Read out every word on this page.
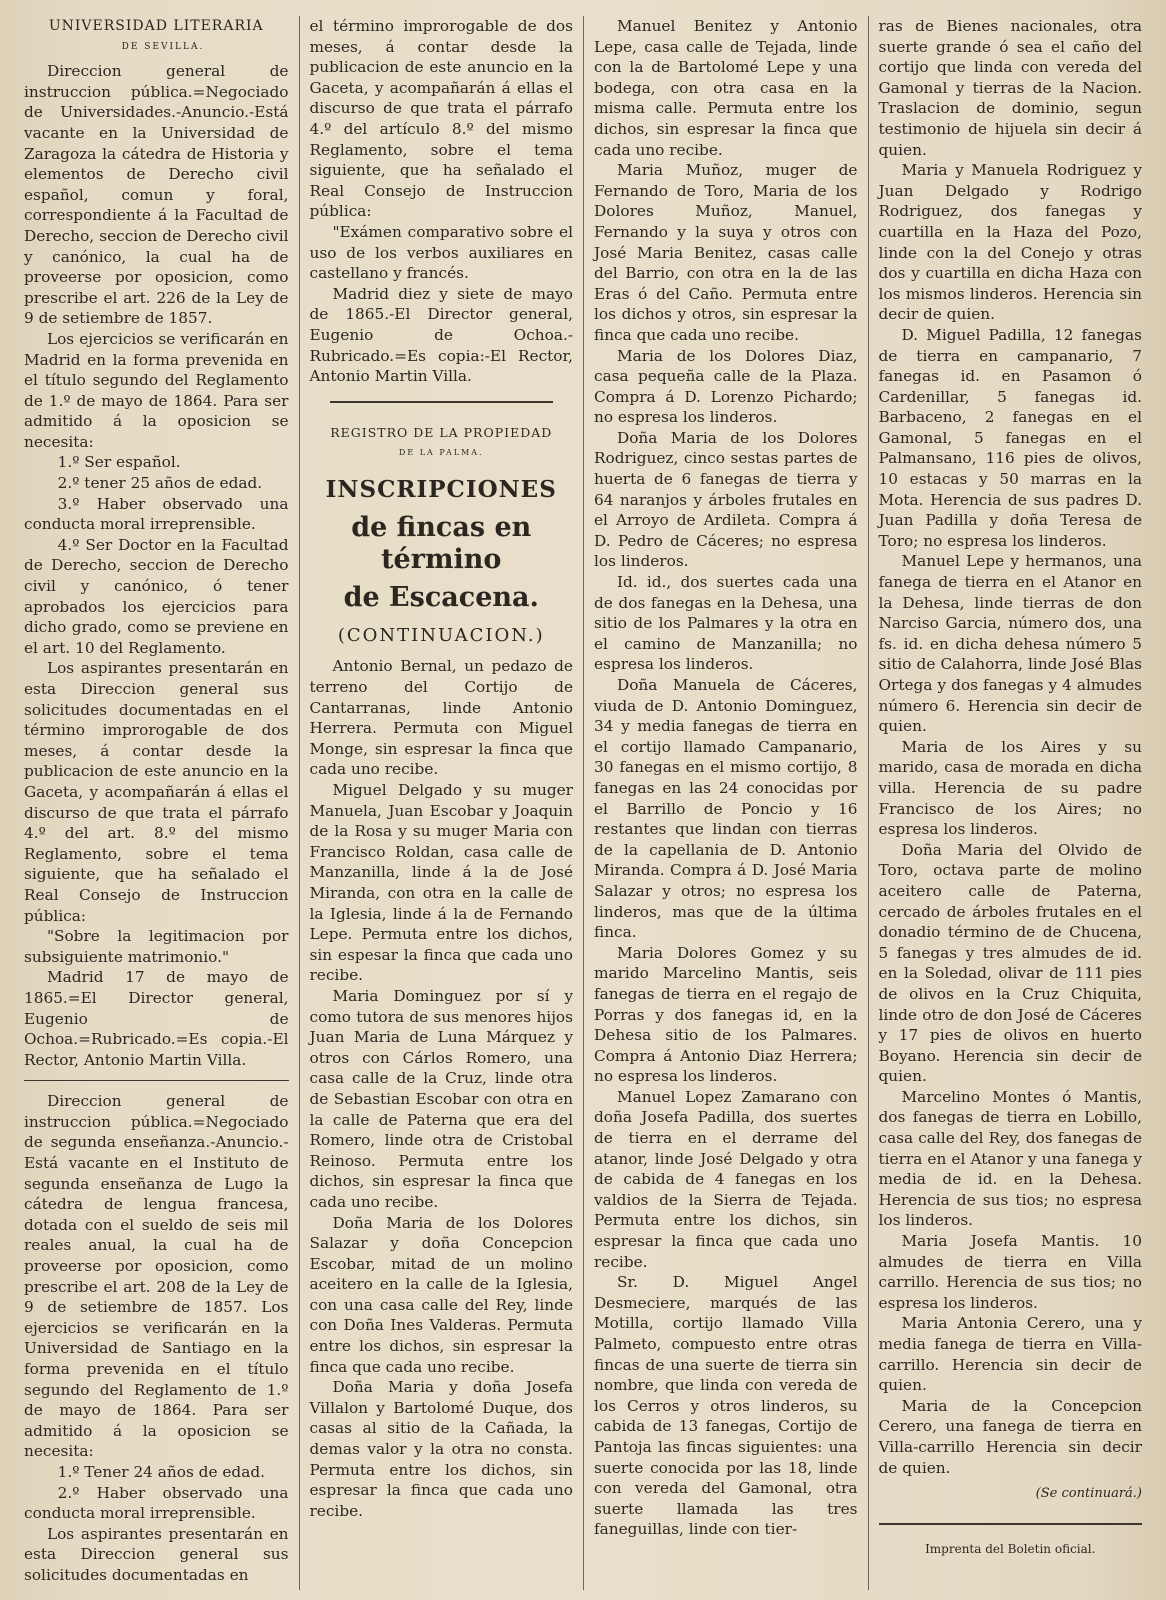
UNIVERSIDAD LITERARIA

DE SEVILLA.

Direccion general de instruccion pública.=Negociado de Universidades.-Anuncio.-Está vacante en la Universidad de Zaragoza la cátedra de Historia y elementos de Derecho civil español, comun y foral, correspondiente á la Facultad de Derecho, seccion de Derecho civil y canónico, la cual ha de proveerse por oposicion, como prescribe el art. 226 de la Ley de 9 de setiembre de 1857.

Los ejercicios se verificarán en Madrid en la forma prevenida en el título segundo del Reglamento de 1.º de mayo de 1864. Para ser admitido á la oposicion se necesita:

1.º Ser español.

2.º tener 25 años de edad.

3.º Haber observado una conducta moral irreprensible.

4.º Ser Doctor en la Facultad de Derecho, seccion de Derecho civil y canónico, ó tener aprobados los ejercicios para dicho grado, como se previene en el art. 10 del Reglamento.

Los aspirantes presentarán en esta Direccion general sus solicitudes documentadas en el término improrogable de dos meses, á contar desde la publicacion de este anuncio en la Gaceta, y acompañarán á ellas el discurso de que trata el párrafo 4.º del art. 8.º del mismo Reglamento, sobre el tema siguiente, que ha señalado el Real Consejo de Instruccion pública:

"Sobre la legitimacion por subsiguiente matrimonio."

Madrid 17 de mayo de 1865.=El Director general, Eugenio de Ochoa.=Rubricado.=Es copia.-El Rector, Antonio Martin Villa.

Direccion general de instruccion pública.=Negociado de segunda enseñanza.-Anuncio.-Está vacante en el Instituto de segunda enseñanza de Lugo la cátedra de lengua francesa, dotada con el sueldo de seis mil reales anual, la cual ha de proveerse por oposicion, como prescribe el art. 208 de la Ley de 9 de setiembre de 1857. Los ejercicios se verificarán en la Universidad de Santiago en la forma prevenida en el título segundo del Reglamento de 1.º de mayo de 1864. Para ser admitido á la oposicion se necesita:

1.º Tener 24 años de edad.

2.º Haber observado una conducta moral irreprensible.

Los aspirantes presentarán en esta Direccion general sus solicitudes documentadas en

el término improrogable de dos meses, á contar desde la publicacion de este anuncio en la Gaceta, y acompañarán á ellas el discurso de que trata el párrafo 4.º del artículo 8.º del mismo Reglamento, sobre el tema siguiente, que ha señalado el Real Consejo de Instruccion pública:

"Exámen comparativo sobre el uso de los verbos auxiliares en castellano y francés.

Madrid diez y siete de mayo de 1865.-El Director general, Eugenio de Ochoa.-Rubricado.=Es copia:-El Rector, Antonio Martin Villa.

REGISTRO DE LA PROPIEDAD

DE LA PALMA.

INSCRIPCIONES

de fincas en término

de Escacena.

(CONTINUACION.)

Antonio Bernal, un pedazo de terreno del Cortijo de Cantarranas, linde Antonio Herrera. Permuta con Miguel Monge, sin espresar la finca que cada uno recibe.

Miguel Delgado y su muger Manuela, Juan Escobar y Joaquin de la Rosa y su muger Maria con Francisco Roldan, casa calle de Manzanilla, linde á la de José Miranda, con otra en la calle de la Iglesia, linde á la de Fernando Lepe. Permuta entre los dichos, sin espesar la finca que cada uno recibe.

Maria Dominguez por sí y como tutora de sus menores hijos Juan Maria de Luna Márquez y otros con Cárlos Romero, una casa calle de la Cruz, linde otra de Sebastian Escobar con otra en la calle de Paterna que era del Romero, linde otra de Cristobal Reinoso. Permuta entre los dichos, sin espresar la finca que cada uno recibe.

Doña Maria de los Dolores Salazar y doña Concepcion Escobar, mitad de un molino aceitero en la calle de la Iglesia, con una casa calle del Rey, linde con Doña Ines Valderas. Permuta entre los dichos, sin espresar la finca que cada uno recibe.

Doña Maria y doña Josefa Villalon y Bartolomé Duque, dos casas al sitio de la Cañada, la demas valor y la otra no consta. Permuta entre los dichos, sin espresar la finca que cada uno recibe.

Manuel Benitez y Antonio Lepe, casa calle de Tejada, linde con la de Bartolomé Lepe y una bodega, con otra casa en la misma calle. Permuta entre los dichos, sin espresar la finca que cada uno recibe.

Maria Muñoz, muger de Fernando de Toro, Maria de los Dolores Muñoz, Manuel, Fernando y la suya y otros con José Maria Benitez, casas calle del Barrio, con otra en la de las Eras ó del Caño. Permuta entre los dichos y otros, sin espresar la finca que cada uno recibe.

Maria de los Dolores Diaz, casa pequeña calle de la Plaza. Compra á D. Lorenzo Pichardo; no espresa los linderos.

Doña Maria de los Dolores Rodriguez, cinco sestas partes de huerta de 6 fanegas de tierra y 64 naranjos y árboles frutales en el Arroyo de Ardileta. Compra á D. Pedro de Cáceres; no espresa los linderos.

Id. id., dos suertes cada una de dos fanegas en la Dehesa, una sitio de los Palmares y la otra en el camino de Manzanilla; no espresa los linderos.

Doña Manuela de Cáceres, viuda de D. Antonio Dominguez, 34 y media fanegas de tierra en el cortijo llamado Campanario, 30 fanegas en el mismo cortijo, 8 fanegas en las 24 conocidas por el Barrillo de Poncio y 16 restantes que lindan con tierras de la capellania de D. Antonio Miranda. Compra á D. José Maria Salazar y otros; no espresa los linderos, mas que de la última finca.

Maria Dolores Gomez y su marido Marcelino Mantis, seis fanegas de tierra en el regajo de Porras y dos fanegas id, en la Dehesa sitio de los Palmares. Compra á Antonio Diaz Herrera; no espresa los linderos.

Manuel Lopez Zamarano con doña Josefa Padilla, dos suertes de tierra en el derrame del atanor, linde José Delgado y otra de cabida de 4 fanegas en los valdios de la Sierra de Tejada. Permuta entre los dichos, sin espresar la finca que cada uno recibe.

Sr. D. Miguel Angel Desmeciere, marqués de las Motilla, cortijo llamado Villa Palmeto, compuesto entre otras fincas de una suerte de tierra sin nombre, que linda con vereda de los Cerros y otros linderos, su cabida de 13 fanegas, Cortijo de Pantoja las fincas siguientes: una suerte conocida por las 18, linde con vereda del Gamonal, otra suerte llamada las tres faneguillas, linde con tier-

ras de Bienes nacionales, otra suerte grande ó sea el caño del cortijo que linda con vereda del Gamonal y tierras de la Nacion. Traslacion de dominio, segun testimonio de hijuela sin decir á quien.

Maria y Manuela Rodriguez y Juan Delgado y Rodrigo Rodriguez, dos fanegas y cuartilla en la Haza del Pozo, linde con la del Conejo y otras dos y cuartilla en dicha Haza con los mismos linderos. Herencia sin decir de quien.

D. Miguel Padilla, 12 fanegas de tierra en campanario, 7 fanegas id. en Pasamon ó Cardenillar, 5 fanegas id. Barbaceno, 2 fanegas en el Gamonal, 5 fanegas en el Palmansano, 116 pies de olivos, 10 estacas y 50 marras en la Mota. Herencia de sus padres D. Juan Padilla y doña Teresa de Toro; no espresa los linderos.

Manuel Lepe y hermanos, una fanega de tierra en el Atanor en la Dehesa, linde tierras de don Narciso Garcia, número dos, una fs. id. en dicha dehesa número 5 sitio de Calahorra, linde José Blas Ortega y dos fanegas y 4 almudes número 6. Herencia sin decir de quien.

Maria de los Aires y su marido, casa de morada en dicha villa. Herencia de su padre Francisco de los Aires; no espresa los linderos.

Doña Maria del Olvido de Toro, octava parte de molino aceitero calle de Paterna, cercado de árboles frutales en el donadio término de de Chucena, 5 fanegas y tres almudes de id. en la Soledad, olivar de 111 pies de olivos en la Cruz Chiquita, linde otro de don José de Cáceres y 17 pies de olivos en huerto Boyano. Herencia sin decir de quien.

Marcelino Montes ó Mantis, dos fanegas de tierra en Lobillo, casa calle del Rey, dos fanegas de tierra en el Atanor y una fanega y media de id. en la Dehesa. Herencia de sus tios; no espresa los linderos.

Maria Josefa Mantis. 10 almudes de tierra en Villa carrillo. Herencia de sus tios; no espresa los linderos.

Maria Antonia Cerero, una y media fanega de tierra en Villa-carrillo. Herencia sin decir de quien.

Maria de la Concepcion Cerero, una fanega de tierra en Villa-carrillo Herencia sin decir de quien.

(Se continuará.)

Imprenta del Boletin oficial.
